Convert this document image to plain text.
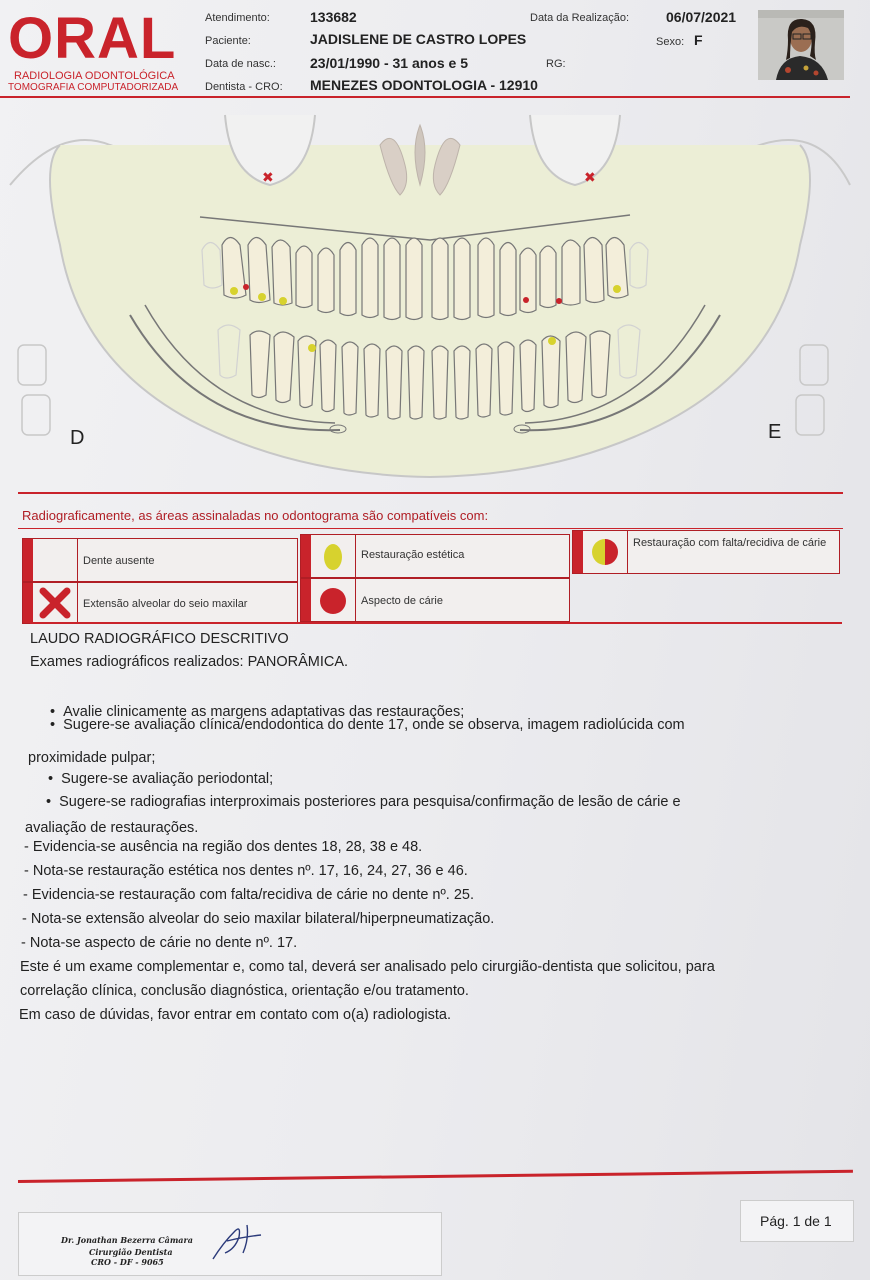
ORAL
RADIOLOGIA ODONTOLÓGICA
TOMOGRAFIA COMPUTADORIZADA
Atendimento:	133682
Paciente:	JADISLENE DE CASTRO LOPES
Data de nasc.: 23/01/1990 - 31 anos e 5
Dentista - CRO: MENEZES ODONTOLOGIA - 12910
Data da Realização:	06/07/2021
Sexo: F
RG:
✖	✖
D	E
Radiograficamente, as áreas assinaladas no odontograma são compatíveis com:
Dente ausente	Restauração estética
Restauração com falta/recidiva de cárie
Extensão alveolar do seio maxilar	Aspecto de cárie
LAUDO RADIOGRÁFICO DESCRITIVO
Exames radiográficos realizados: PANORÂMICA.
•  Avalie clinicamente as margens adaptativas das restaurações;
•  Sugere-se avaliação clínica/endodontica do dente 17, onde se observa, imagem radiolúcida com
proximidade pulpar;
•  Sugere-se avaliação periodontal;
•  Sugere-se radiografias interproximais posteriores para pesquisa/confirmação de lesão de cárie e
avaliação de restaurações.
- Evidencia-se ausência na região dos dentes 18, 28, 38 e 48.
- Nota-se restauração estética nos dentes nº. 17, 16, 24, 27, 36 e 46.
- Evidencia-se restauração com falta/recidiva de cárie no dente nº. 25.
- Nota-se extensão alveolar do seio maxilar bilateral/hiperpneumatização.
- Nota-se aspecto de cárie no dente nº. 17.
Este é um exame complementar e, como tal, deverá ser analisado pelo cirurgião-dentista que solicitou, para
correlação clínica, conclusão diagnóstica, orientação e/ou tratamento.
Em caso de dúvidas, favor entrar em contato com o(a) radiologista.
Dr. Jonathan Bezerra Câmara
Cirurgião Dentista
CRO - DF - 9065
Pág. 1 de 1
